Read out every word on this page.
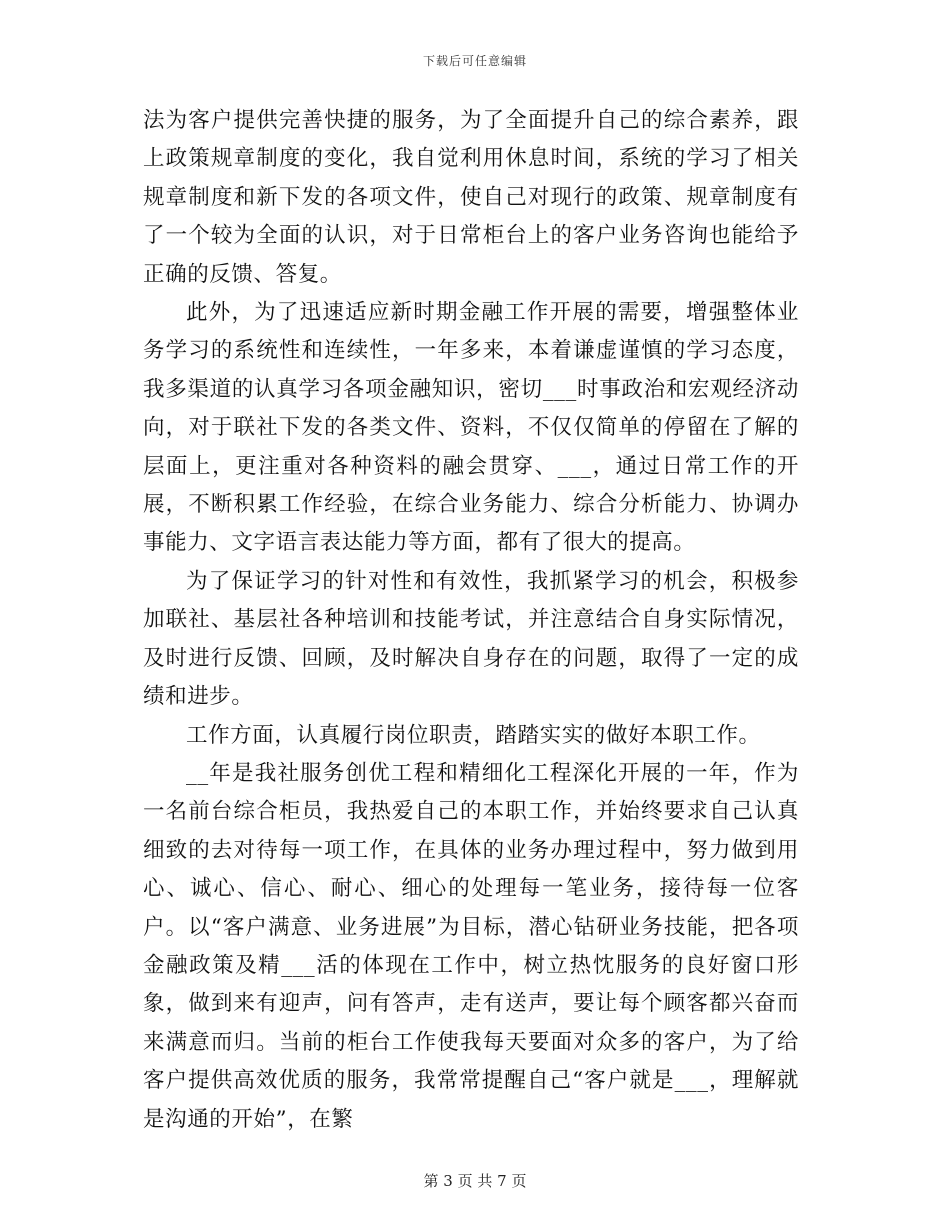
下载后可任意编辑

法为客户提供完善快捷的服务，为了全面提升自己的综合素养，跟上政策规章制度的变化，我自觉利用休息时间，系统的学习了相关规章制度和新下发的各项文件，使自己对现行的政策、规章制度有了一个较为全面的认识，对于日常柜台上的客户业务咨询也能给予正确的反馈、答复。

此外，为了迅速适应新时期金融工作开展的需要，增强整体业务学习的系统性和连续性，一年多来，本着谦虚谨慎的学习态度，我多渠道的认真学习各项金融知识，密切___时事政治和宏观经济动向，对于联社下发的各类文件、资料，不仅仅简单的停留在了解的层面上，更注重对各种资料的融会贯穿、___，通过日常工作的开展，不断积累工作经验，在综合业务能力、综合分析能力、协调办事能力、文字语言表达能力等方面，都有了很大的提高。

为了保证学习的针对性和有效性，我抓紧学习的机会，积极参加联社、基层社各种培训和技能考试，并注意结合自身实际情况，及时进行反馈、回顾，及时解决自身存在的问题，取得了一定的成绩和进步。

工作方面，认真履行岗位职责，踏踏实实的做好本职工作。

__年是我社服务创优工程和精细化工程深化开展的一年，作为一名前台综合柜员，我热爱自己的本职工作，并始终要求自己认真细致的去对待每一项工作，在具体的业务办理过程中，努力做到用心、诚心、信心、耐心、细心的处理每一笔业务，接待每一位客户。以“客户满意、业务进展”为目标，潜心钻研业务技能，把各项金融政策及精___活的体现在工作中，树立热忱服务的良好窗口形象，做到来有迎声，问有答声，走有送声，要让每个顾客都兴奋而来满意而归。当前的柜台工作使我每天要面对众多的客户，为了给客户提供高效优质的服务，我常常提醒自己“客户就是___，理解就是沟通的开始”，在繁

第 3 页 共 7 页
